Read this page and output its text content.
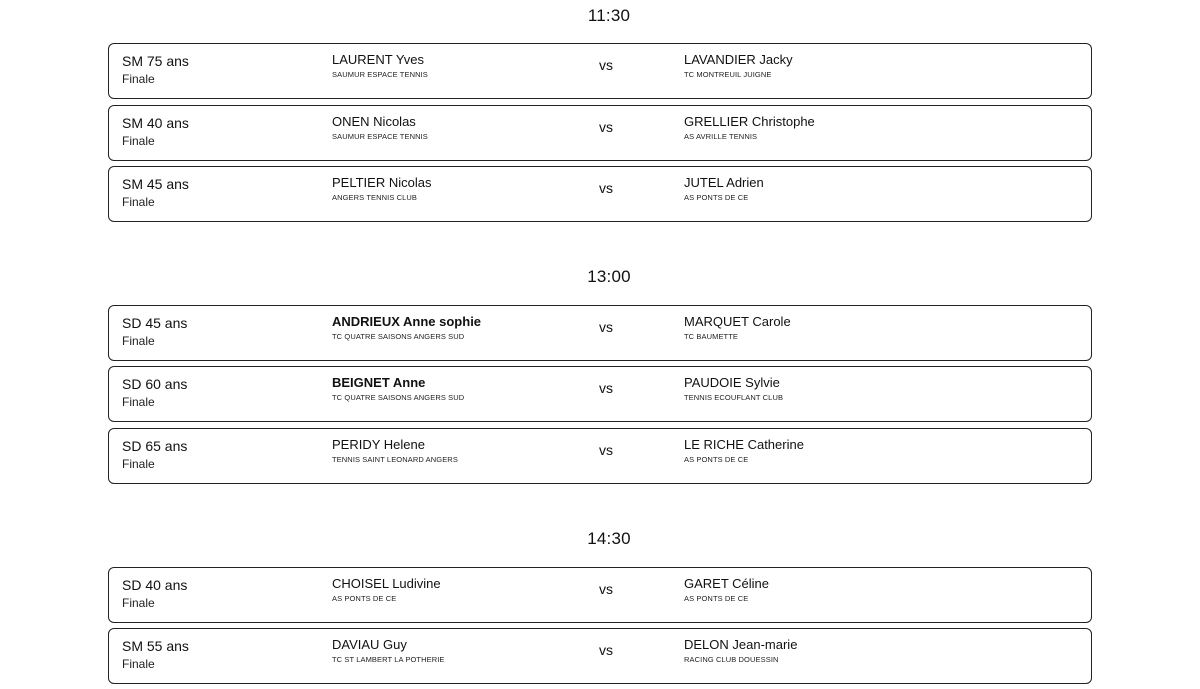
11:30
SM 75 ans
Finale
LAURENT Yves
SAUMUR ESPACE TENNIS
vs	LAVANDIER Jacky
TC MONTREUIL JUIGNE
SM 40 ans
Finale
ONEN Nicolas
SAUMUR ESPACE TENNIS
vs	GRELLIER Christophe
AS AVRILLE TENNIS
SM 45 ans
Finale
PELTIER Nicolas
ANGERS TENNIS CLUB
vs	JUTEL Adrien
AS PONTS DE CE
13:00
SD 45 ans
Finale
ANDRIEUX Anne sophie
TC QUATRE SAISONS ANGERS SUD
vs	MARQUET Carole
TC BAUMETTE
SD 60 ans
Finale
BEIGNET Anne
TC QUATRE SAISONS ANGERS SUD
vs	PAUDOIE Sylvie
TENNIS ECOUFLANT CLUB
SD 65 ans
Finale
PERIDY Helene
TENNIS SAINT LEONARD ANGERS
vs	LE RICHE Catherine
AS PONTS DE CE
14:30
SD 40 ans
Finale
CHOISEL Ludivine
AS PONTS DE CE
vs	GARET Céline
AS PONTS DE CE
SM 55 ans
Finale
DAVIAU Guy
TC ST LAMBERT LA POTHERIE
vs	DELON Jean-marie
RACING CLUB DOUESSIN
